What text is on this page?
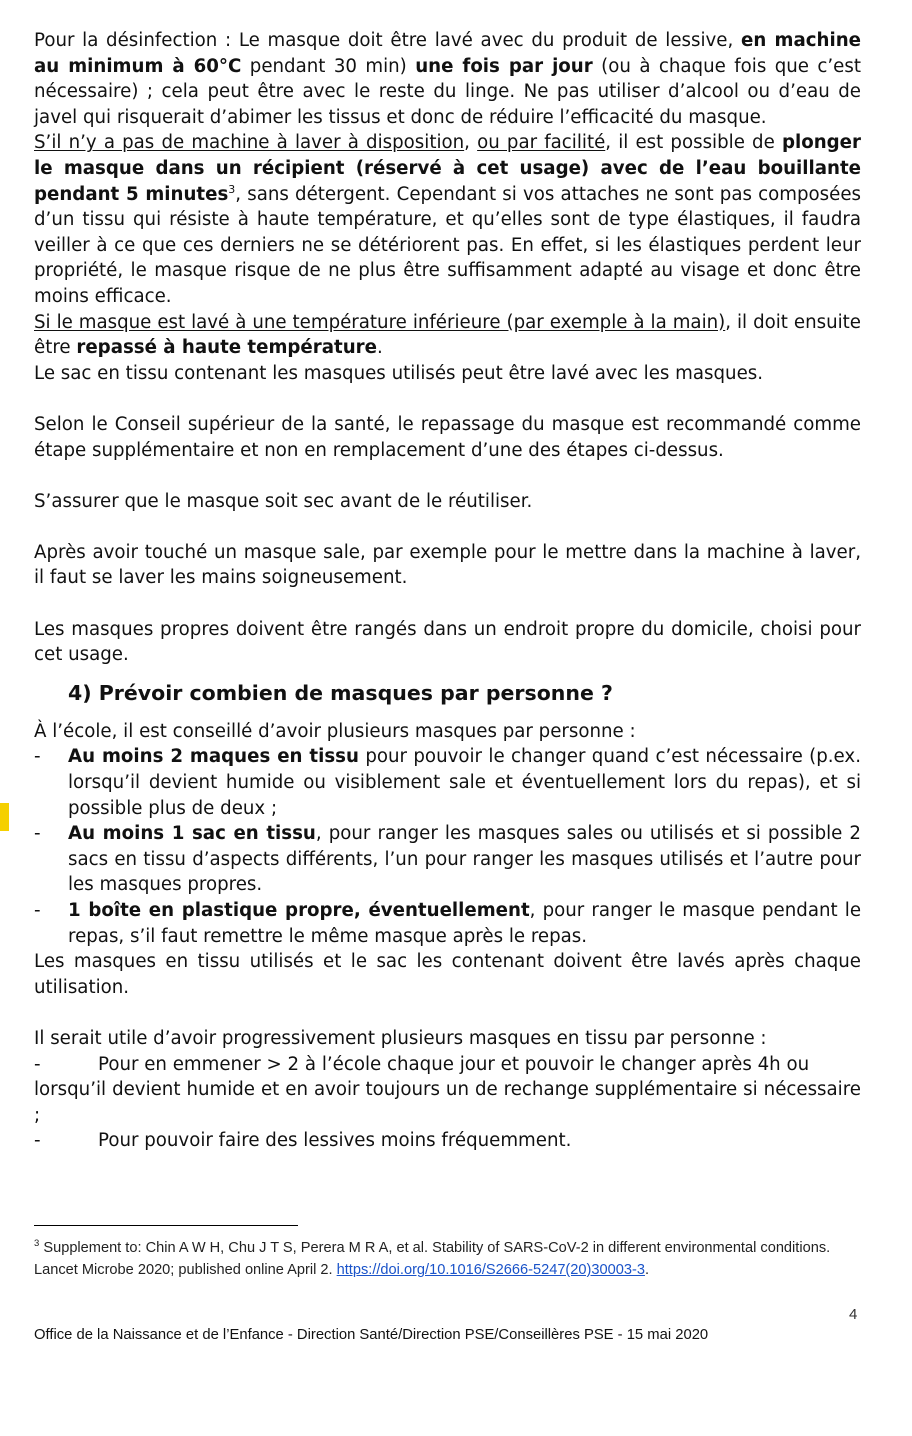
Pour la désinfection : Le masque doit être lavé avec du produit de lessive, en machine au minimum à 60°C pendant 30 min) une fois par jour (ou à chaque fois que c’est nécessaire) ; cela peut être avec le reste du linge. Ne pas utiliser d’alcool ou d’eau de javel qui risquerait d’abimer les tissus et donc de réduire l’efficacité du masque.

S’il n’y a pas de machine à laver à disposition, ou par facilité, il est possible de plonger le masque dans un récipient (réservé à cet usage) avec de l’eau bouillante pendant 5 minutes$^3$, sans détergent. Cependant si vos attaches ne sont pas composées d’un tissu qui résiste à haute température, et qu’elles sont de type élastiques, il faudra veiller à ce que ces derniers ne se détériorent pas. En effet, si les élastiques perdent leur propriété, le masque risque de ne plus être suffisamment adapté au visage et donc être moins efficace.

Si le masque est lavé à une température inférieure (par exemple à la main), il doit ensuite être repassé à haute température.

Le sac en tissu contenant les masques utilisés peut être lavé avec les masques.

Selon le Conseil supérieur de la santé, le repassage du masque est recommandé comme étape supplémentaire et non en remplacement d’une des étapes ci-dessus.

S’assurer que le masque soit sec avant de le réutiliser.

Après avoir touché un masque sale, par exemple pour le mettre dans la machine à laver, il faut se laver les mains soigneusement.

Les masques propres doivent être rangés dans un endroit propre du domicile, choisi pour cet usage.

4) Prévoir combien de masques par personne ?

À l’école, il est conseillé d’avoir plusieurs masques par personne :

-	Au moins 2 maques en tissu pour pouvoir le changer quand c’est nécessaire (p.ex. lorsqu’il devient humide ou visiblement sale et éventuellement lors du repas), et si possible plus de deux ;
-	Au moins 1 sac en tissu, pour ranger les masques sales ou utilisés et si possible 2 sacs en tissu d’aspects différents, l’un pour ranger les masques utilisés et l’autre pour les masques propres.
-	1 boîte en plastique propre, éventuellement, pour ranger le masque pendant le repas, s’il faut remettre le même masque après le repas.

Les masques en tissu utilisés et le sac les contenant doivent être lavés après chaque utilisation.

Il serait utile d’avoir progressivement plusieurs masques en tissu par personne :

-	Pour en emmener > 2 à l’école chaque jour et pouvoir le changer après 4h ou

lorsqu’il devient humide et en avoir toujours un de rechange supplémentaire si nécessaire ;

-	Pour pouvoir faire des lessives moins fréquemment.
$^3$ Supplement to: Chin A W H, Chu J T S, Perera M R A, et al. Stability of SARS-CoV-2 in different environmental conditions. Lancet Microbe 2020; published online April 2. https://doi.org/10.1016/S2666-5247(20)30003-3.
4
Office de la Naissance et de l’Enfance - Direction Santé/Direction PSE/Conseillères PSE - 15 mai 2020
